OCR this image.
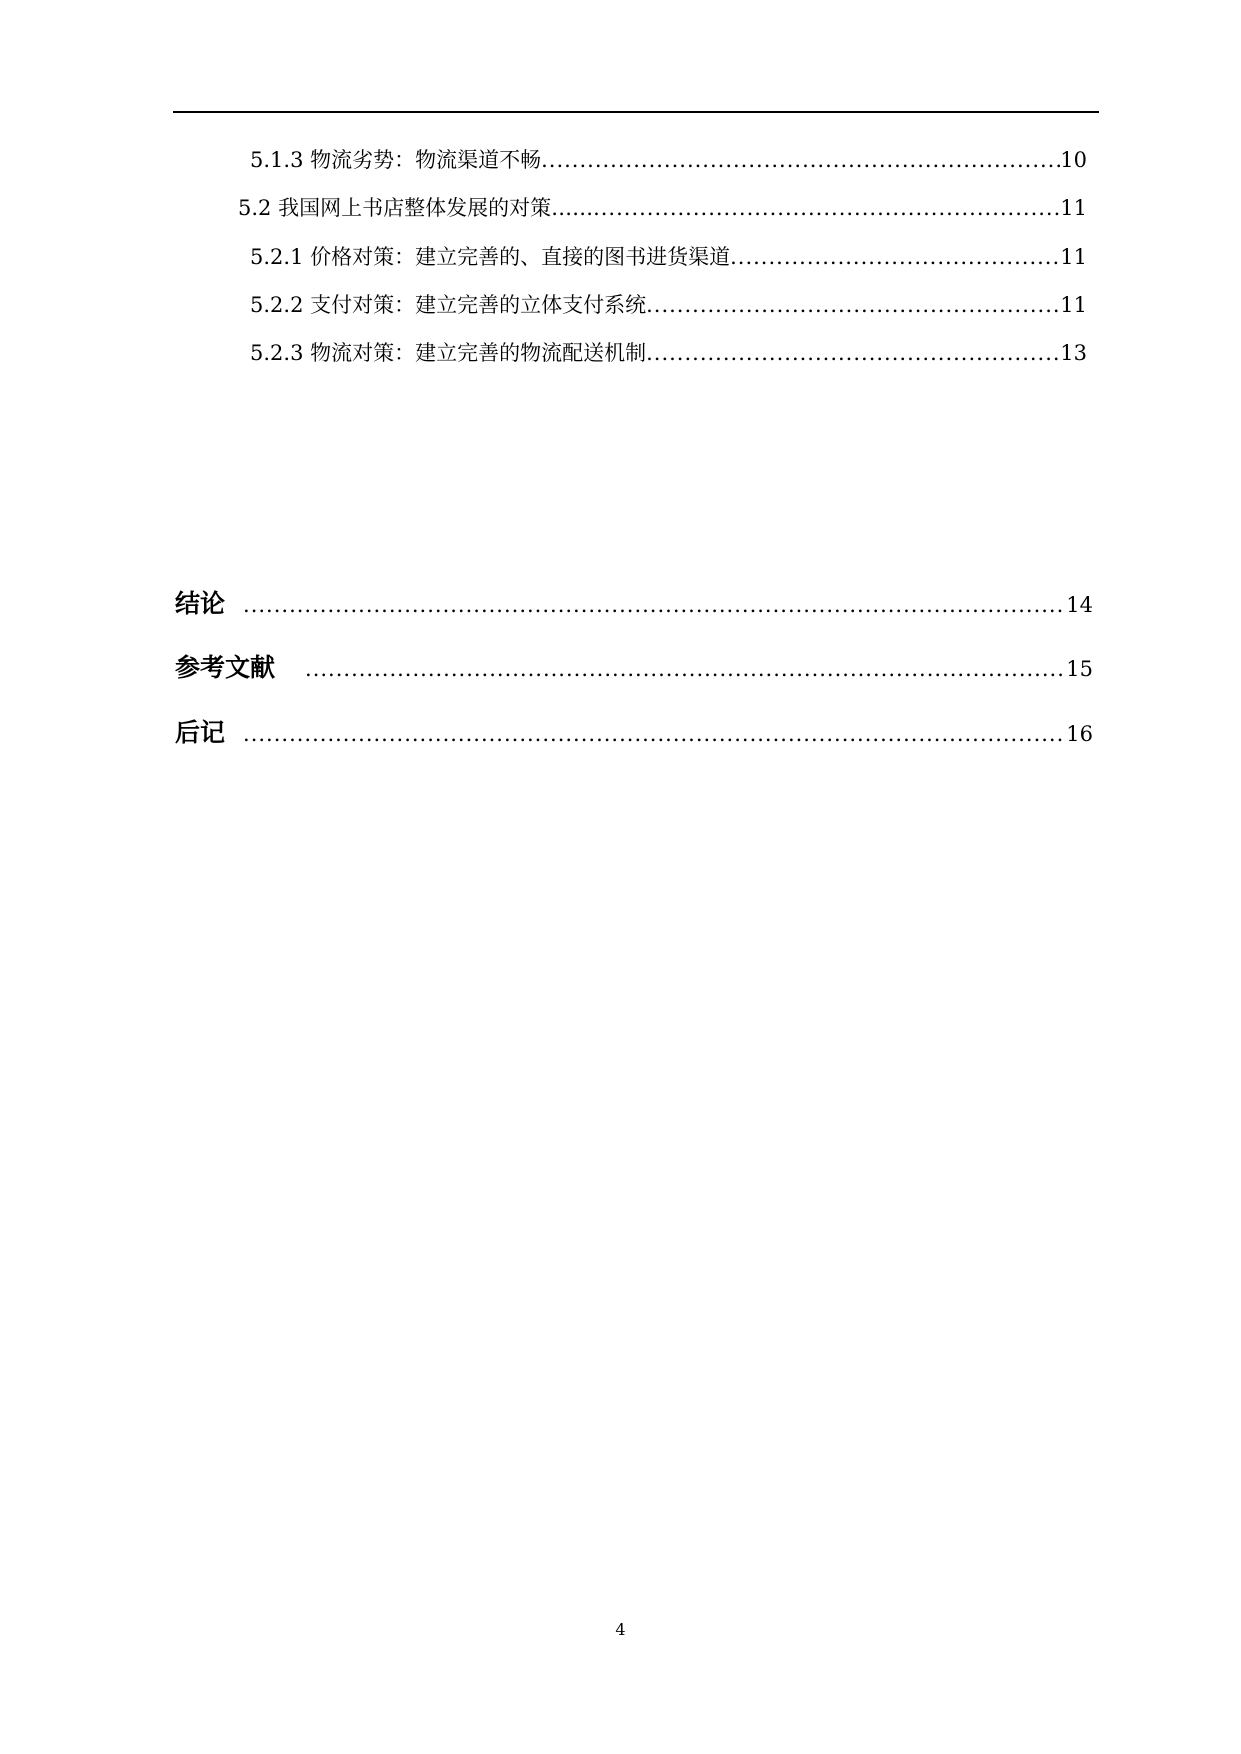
5.1.3 物流劣势：物流渠道不畅 .....	10
5.2 我国网上书店整体发展的对策…… .....	11
5.2.1 价格对策：建立完善的、直接的图书进货渠道 .....	11
5.2.2 支付对策：建立完善的立体支付系统 .....	11
5.2.3 物流对策：建立完善的物流配送机制 .....	13
结论 .....	14
参考文献 .....	15
后记 .....	16
4
